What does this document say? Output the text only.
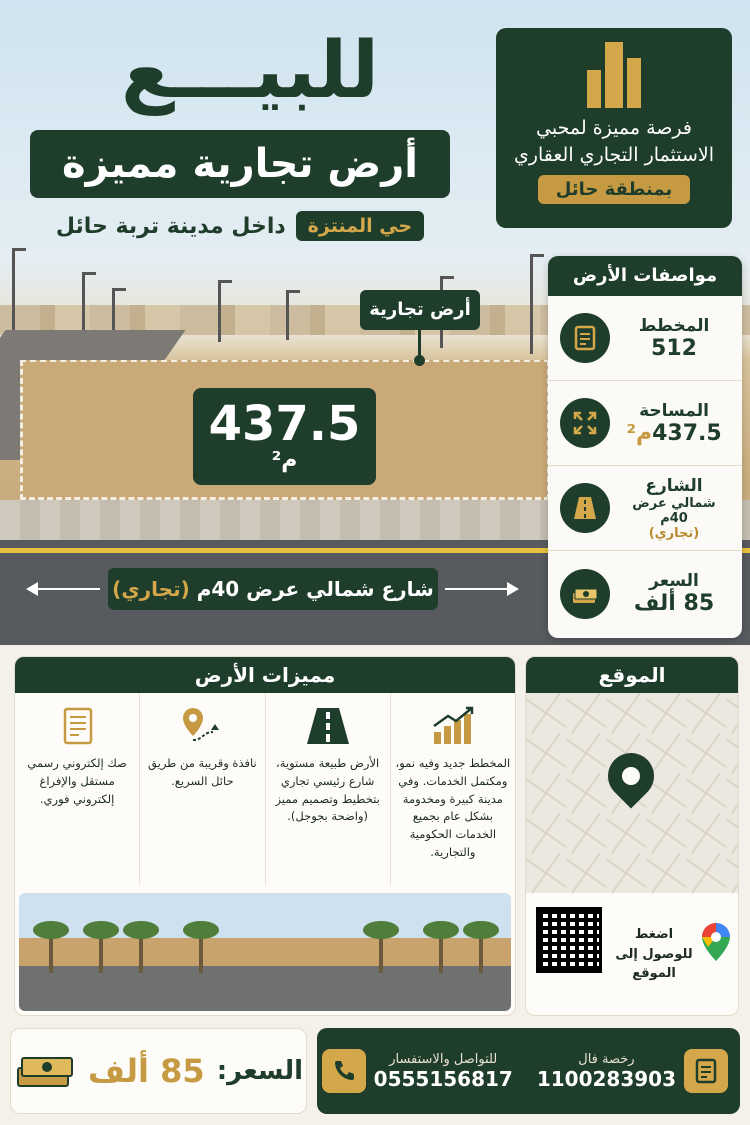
للبيـــع
أرض تجارية مميزة
حي المنتزة
داخل مدينة تربة حائل
فرصة مميزة لمحبي
الاستثمار التجاري العقاري
بمنطقة حائل
أرض تجارية
437.5
م²
شارع شمالي عرض 40م (تجاري)
مواصفات الأرض
المخطط
512
المساحة
437.5م²
الشارع
شمالي عرض 40م
(تجاري)
السعر
85 ألف
مميزات الأرض
المخطط جديد وفيه نمو، ومكتمل الخدمات. وفي مدينة كبيرة ومخدومة بشكل عام بجميع الخدمات الحكومية والتجارية.
الأرض طبيعة مستوية، شارع رئيسي تجاري بتخطيط وتصميم مميز (واضحة بجوجل).
نافذة وقريبة من طريق حائل السريع.
صك إلكتروني رسمي مستقل والإفراغ إلكتروني فوري.
الموقع
اضغط للوصول إلى الموقع
السعر:
85 ألف	رخصة فال
1100283903
للتواصل والاستفسار
0555156817
